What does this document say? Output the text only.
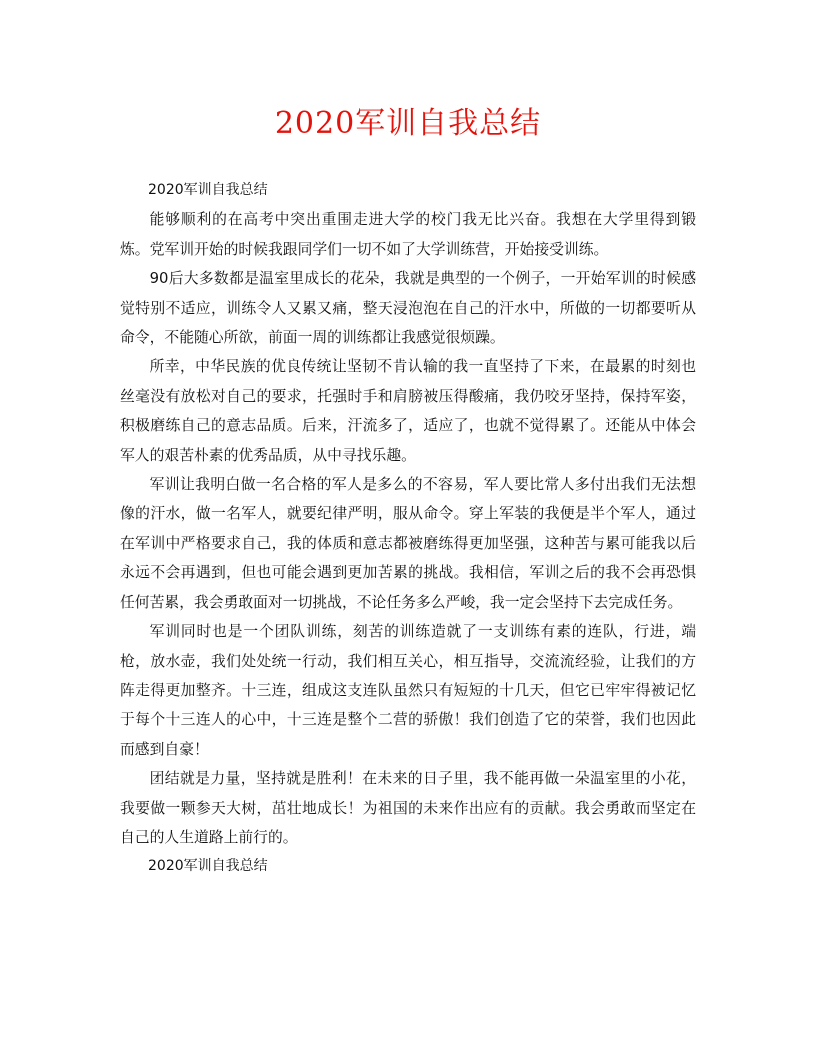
2020军训自我总结

2020军训自我总结

能够顺利的在高考中突出重围走进大学的校门我无比兴奋。我想在大学里得到锻炼。党军训开始的时候我跟同学们一切不如了大学训练营，开始接受训练。

90后大多数都是温室里成长的花朵，我就是典型的一个例子，一开始军训的时候感觉特别不适应，训练令人又累又痛，整天浸泡泡在自己的汗水中，所做的一切都要听从命令，不能随心所欲，前面一周的训练都让我感觉很烦躁。

所幸，中华民族的优良传统让坚韧不肯认输的我一直坚持了下来，在最累的时刻也丝毫没有放松对自己的要求，托强时手和肩膀被压得酸痛，我仍咬牙坚持，保持军姿，积极磨练自己的意志品质。后来，汗流多了，适应了，也就不觉得累了。还能从中体会军人的艰苦朴素的优秀品质，从中寻找乐趣。

军训让我明白做一名合格的军人是多么的不容易，军人要比常人多付出我们无法想像的汗水，做一名军人，就要纪律严明，服从命令。穿上军装的我便是半个军人，通过在军训中严格要求自己，我的体质和意志都被磨练得更加坚强，这种苦与累可能我以后永远不会再遇到，但也可能会遇到更加苦累的挑战。我相信，军训之后的我不会再恐惧任何苦累，我会勇敢面对一切挑战，不论任务多么严峻，我一定会坚持下去完成任务。

军训同时也是一个团队训练，刻苦的训练造就了一支训练有素的连队，行进，端枪，放水壶，我们处处统一行动，我们相互关心，相互指导，交流流经验，让我们的方阵走得更加整齐。十三连，组成这支连队虽然只有短短的十几天，但它已牢牢得被记忆于每个十三连人的心中，十三连是整个二营的骄傲！我们创造了它的荣誉，我们也因此而感到自豪！

团结就是力量，坚持就是胜利！在未来的日子里，我不能再做一朵温室里的小花，我要做一颗参天大树，茁壮地成长！为祖国的未来作出应有的贡献。我会勇敢而坚定在自己的人生道路上前行的。

2020军训自我总结
